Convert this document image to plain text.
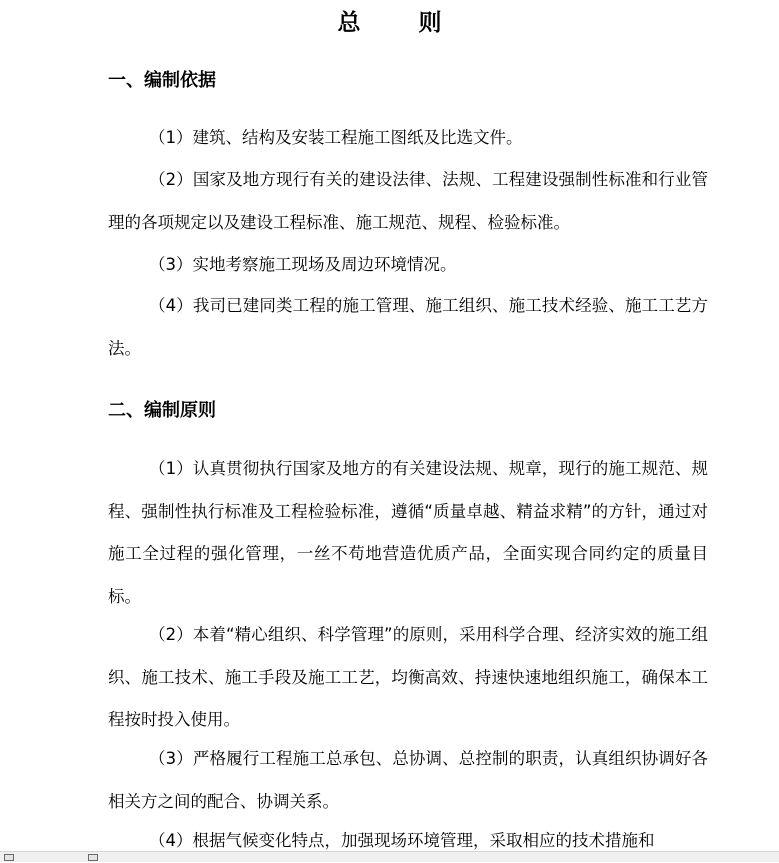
总	则
一、编制依据

（1）建筑、结构及安装工程施工图纸及比选文件。

（2）国家及地方现行有关的建设法律、法规、工程建设强制性标准和行业管理的各项规定以及建设工程标准、施工规范、规程、检验标准。

（3）实地考察施工现场及周边环境情况。

（4）我司已建同类工程的施工管理、施工组织、施工技术经验、施工工艺方法。

二、编制原则

（1）认真贯彻执行国家及地方的有关建设法规、规章，现行的施工规范、规程、强制性执行标准及工程检验标准，遵循“质量卓越、精益求精”的方针，通过对施工全过程的强化管理，一丝不苟地营造优质产品，全面实现合同约定的质量目标。

（2）本着“精心组织、科学管理”的原则，采用科学合理、经济实效的施工组织、施工技术、施工手段及施工工艺，均衡高效、持速快速地组织施工，确保本工程按时投入使用。

（3）严格履行工程施工总承包、总协调、总控制的职责，认真组织协调好各相关方之间的配合、协调关系。

（4）根据气候变化特点，加强现场环境管理，采取相应的技术措施和
